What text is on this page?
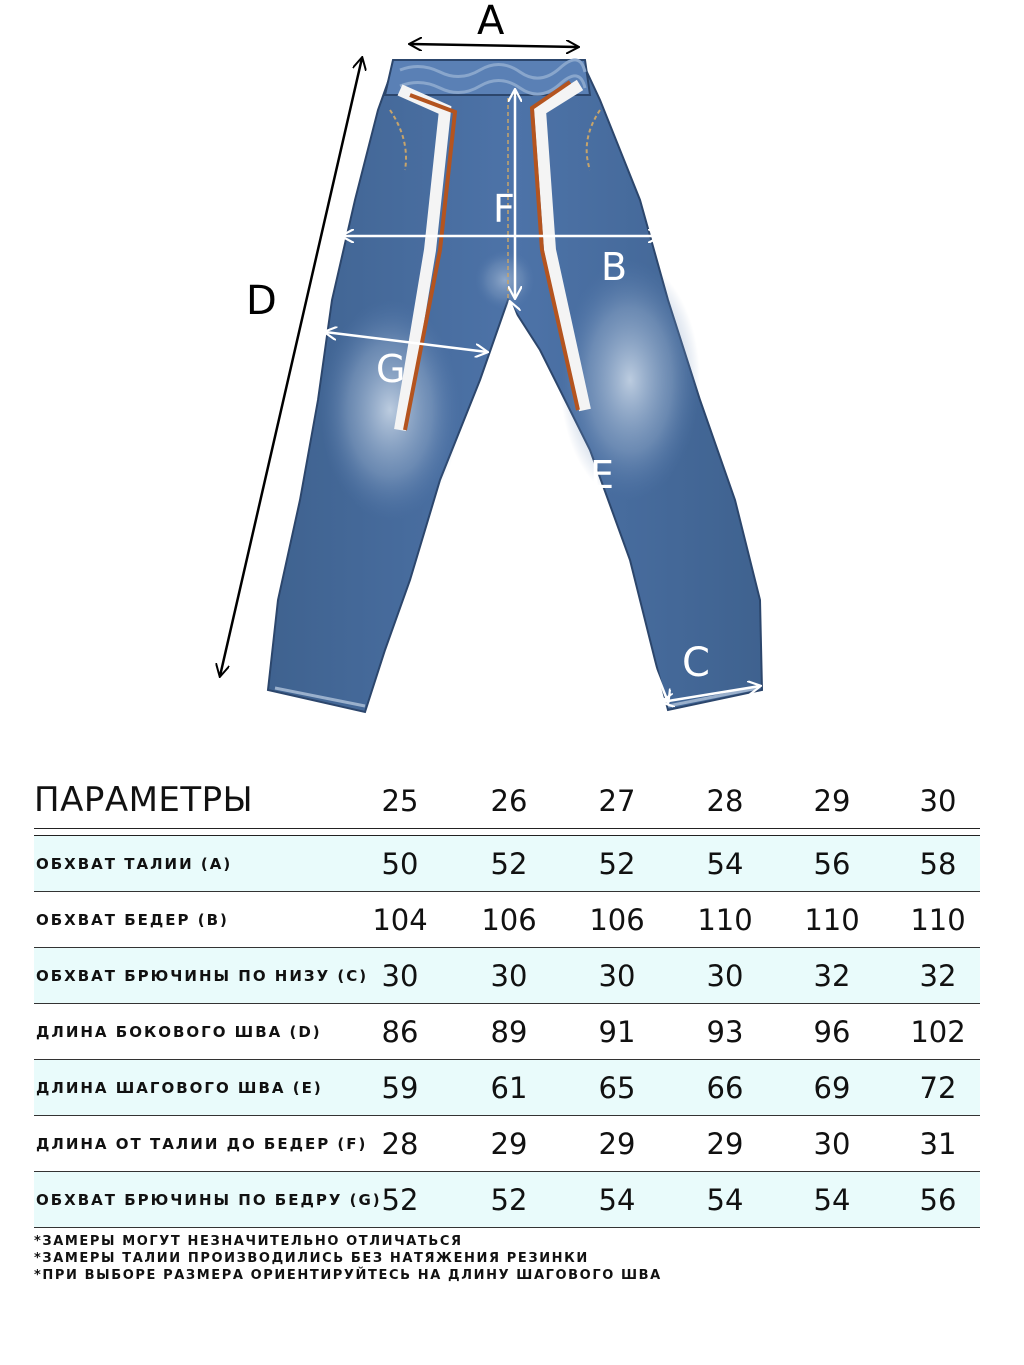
A
D
F
B
G
E
C
ПАРАМЕТРЫ	25	26	27	28	29	30
ОБХВАТ ТАЛИИ (A)	50	52	52	54	56	58
ОБХВАТ БЕДЕР (B)	104	106	106	110	110	110
ОБХВАТ БРЮЧИНЫ ПО НИЗУ (C) 30	30	30	30	32	32
ДЛИНА БОКОВОГО ШВА (D)	86	89	91	93	96	102
ДЛИНА ШАГОВОГО ШВА (E)	59	61	65	66	69	72
ДЛИНА ОТ ТАЛИИ ДО БЕДЕР (F) 28	29	29	29	30	31
ОБХВАТ БРЮЧИНЫ ПО БЕДРУ (G) 52	52	54	54	54	56
*ЗАМЕРЫ МОГУТ НЕЗНАЧИТЕЛЬНО ОТЛИЧАТЬСЯ
*ЗАМЕРЫ ТАЛИИ ПРОИЗВОДИЛИСЬ БЕЗ НАТЯЖЕНИЯ РЕЗИНКИ
*ПРИ ВЫБОРЕ РАЗМЕРА ОРИЕНТИРУЙТЕСЬ НА ДЛИНУ ШАГОВОГО ШВА
